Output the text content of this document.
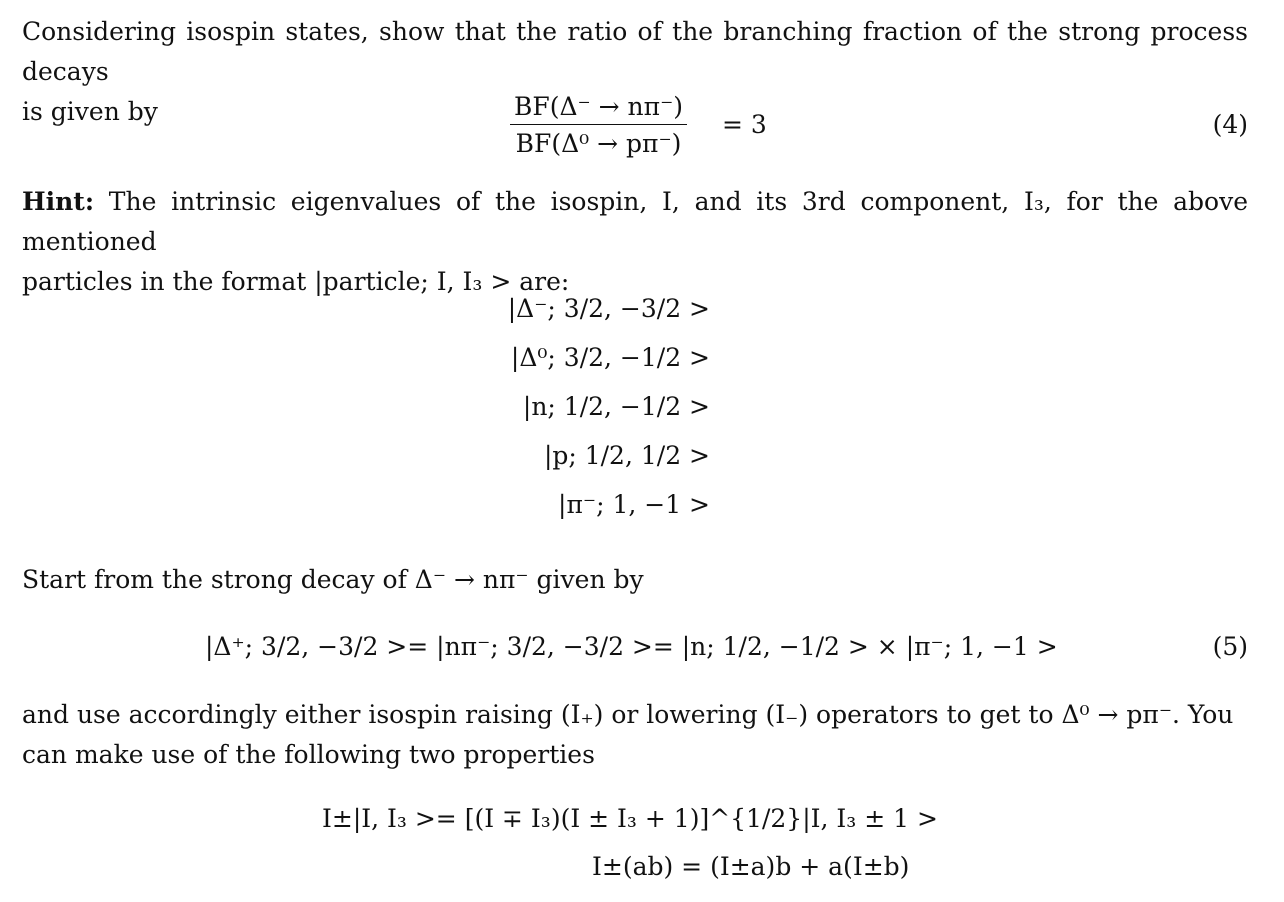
Considering isospin states, show that the ratio of the branching fraction of the strong process decays
is given by	BF(Δ⁻ → nπ⁻)
BF(Δ⁰ → pπ⁻)
= 3	(4)
Hint: The intrinsic eigenvalues of the isospin, I, and its 3rd component, I₃, for the above mentioned
particles in the format |particle; I, I₃ > are:
|Δ⁻; 3/2, −3/2 >
|Δ⁰; 3/2, −1/2 >
|n; 1/2, −1/2 >
|p; 1/2, 1/2 >
|π⁻; 1, −1 >
Start from the strong decay of Δ⁻ → nπ⁻ given by
|Δ⁺; 3/2, −3/2 >= |nπ⁻; 3/2, −3/2 >= |n; 1/2, −1/2 > × |π⁻; 1, −1 >	(5)
and use accordingly either isospin raising (I₊) or lowering (I₋) operators to get to Δ⁰ → pπ⁻. You
can make use of the following two properties
I±|I, I₃ >= [(I ∓ I₃)(I ± I₃ + 1)]^{1/2}|I, I₃ ± 1 >
I±(ab) = (I±a)b + a(I±b)
